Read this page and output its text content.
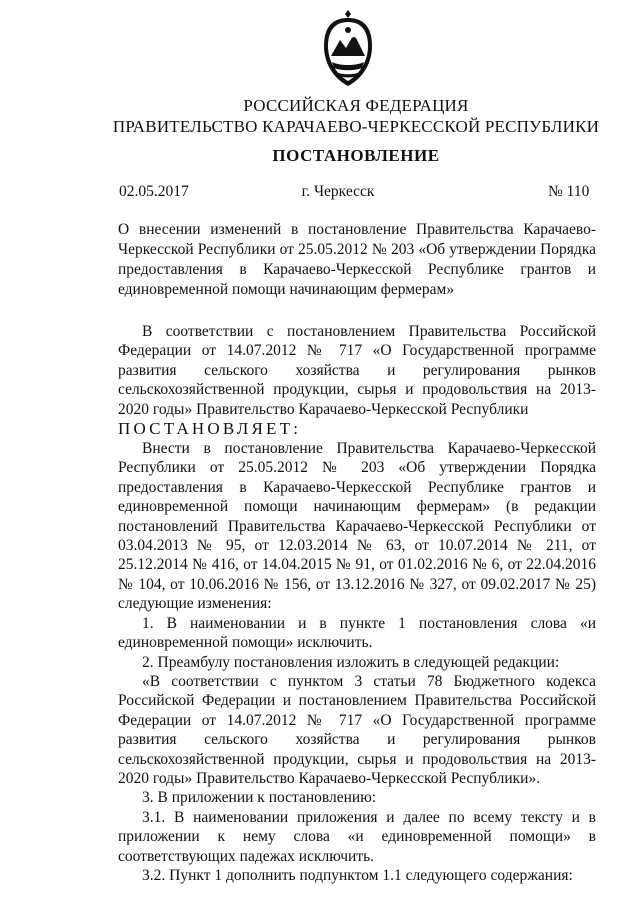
РОССИЙСКАЯ ФЕДЕРАЦИЯ
ПРАВИТЕЛЬСТВО КАРАЧАЕВО-ЧЕРКЕССКОЙ РЕСПУБЛИКИ
ПОСТАНОВЛЕНИЕ
02.05.2017	г. Черкесск	№ 110
О внесении изменений в постановление Правительства Карачаево-Черкесской Республики от 25.05.2012 № 203 «Об утверждении Порядка предоставления в Карачаево-Черкесской Республике грантов и единовременной помощи начинающим фермерам»

В соответствии с постановлением Правительства Российской Федерации от 14.07.2012 № 717 «О Государственной программе развития сельского хозяйства и регулирования рынков сельскохозяйственной продукции, сырья и продовольствия на 2013-2020 годы» Правительство Карачаево-Черкесской Республики

ПОСТАНОВЛЯЕТ:

Внести в постановление Правительства Карачаево-Черкесской Республики от 25.05.2012 № 203 «Об утверждении Порядка предоставления в Карачаево-Черкесской Республике грантов и единовременной помощи начинающим фермерам» (в редакции постановлений Правительства Карачаево-Черкесской Республики от 03.04.2013 № 95, от 12.03.2014 № 63, от 10.07.2014 № 211, от 25.12.2014 № 416, от 14.04.2015 № 91, от 01.02.2016 № 6, от 22.04.2016 № 104, от 10.06.2016 № 156, от 13.12.2016 № 327, от 09.02.2017 № 25) следующие изменения:

1. В наименовании и в пункте 1 постановления слова «и единовременной помощи» исключить.

2. Преамбулу постановления изложить в следующей редакции:

«В соответствии с пунктом 3 статьи 78 Бюджетного кодекса Российской Федерации и постановлением Правительства Российской Федерации от 14.07.2012 № 717 «О Государственной программе развития сельского хозяйства и регулирования рынков сельскохозяйственной продукции, сырья и продовольствия на 2013-2020 годы» Правительство Карачаево-Черкесской Республики».

3. В приложении к постановлению:

3.1. В наименовании приложения и далее по всему тексту и в приложении к нему слова «и единовременной помощи» в соответствующих падежах исключить.

3.2. Пункт 1 дополнить подпунктом 1.1 следующего содержания:
